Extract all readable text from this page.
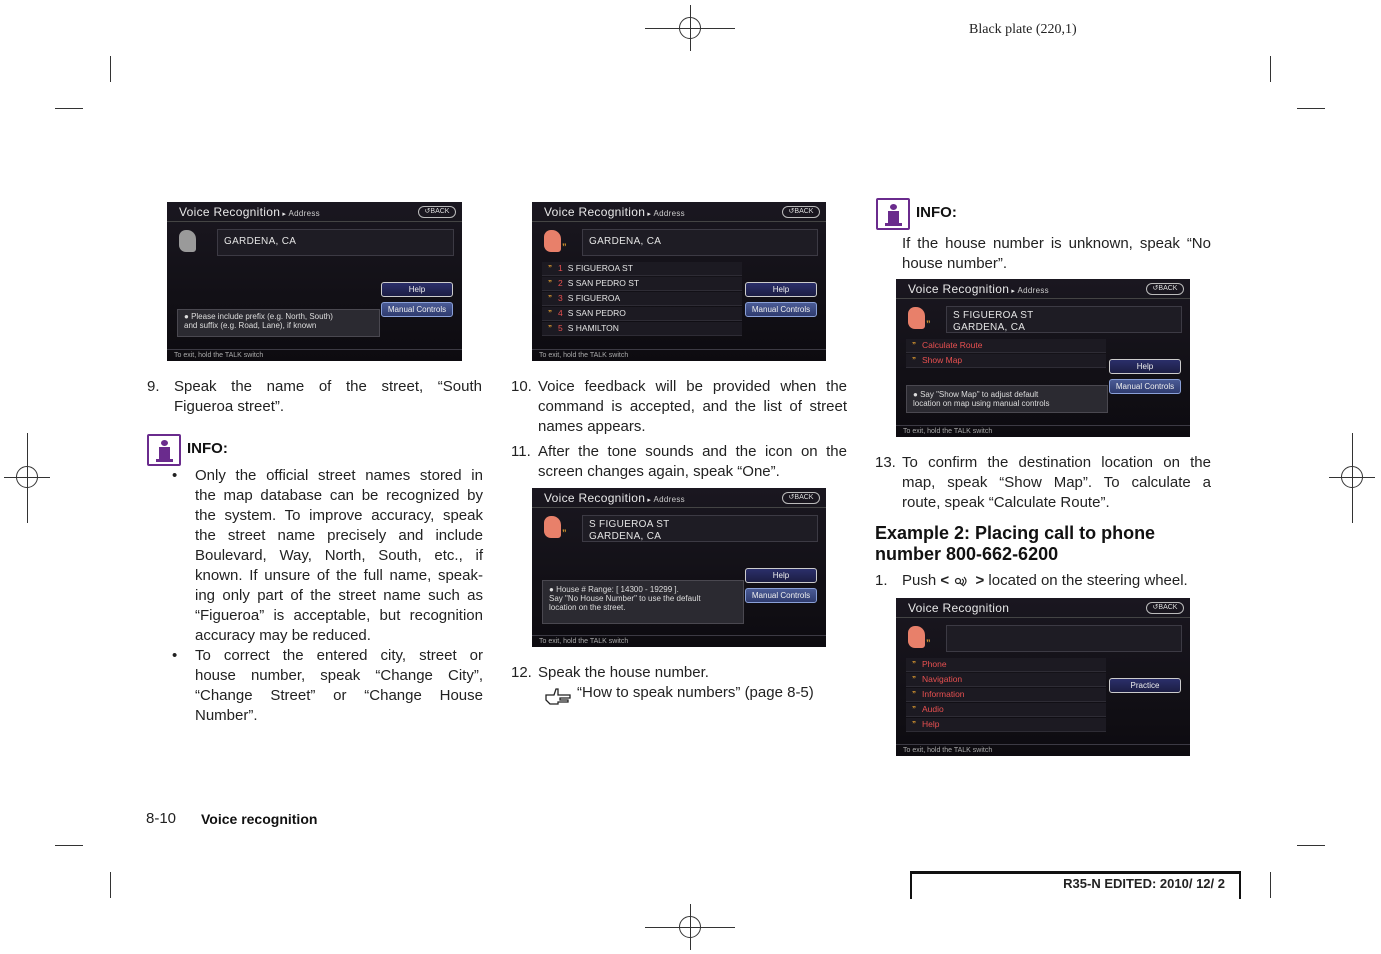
Black plate (220,1)
Voice Recognition ▸ Address	↺BACK
GARDENA, CA
Help
Manual Controls
● Please include prefix (e.g. North, South)
and suffix (e.g. Road, Lane), if known
To exit, hold the TALK switch
Voice Recognition ▸ Address	↺BACK
”	GARDENA, CA
” 1 S FIGUEROA ST
” 2 S SAN PEDRO ST
” 3 S FIGUEROA
” 4 S SAN PEDRO
” 5 S HAMILTON
Help
Manual Controls
To exit, hold the TALK switch
Voice Recognition ▸ Address	↺BACK
”
S FIGUEROA ST
GARDENA, CA
Help
Manual Controls
● House # Range: [ 14300 - 19299 ].
Say "No House Number" to use the default
location on the street.
To exit, hold the TALK switch
Voice Recognition ▸ Address	↺BACK
”
S FIGUEROA ST
GARDENA, CA
” Calculate Route
” Show Map
Help
Manual Controls
● Say "Show Map" to adjust default
location on map using manual controls
To exit, hold the TALK switch
Voice Recognition	↺BACK
”
” Phone
” Navigation
” Information
” Audio
” Help
Practice
To exit, hold the TALK switch
9. Speak the name of the street, “South
Figueroa street”.
INFO:
• Only the official street names stored in
the map database can be recognized by
the system. To improve accuracy, speak
the street name precisely and include
Boulevard, Way, North, South, etc., if
known. If unsure of the full name, speak-
ing only part of the street name such as
“Figueroa” is acceptable, but recognition
accuracy may be reduced.
• To correct the entered city, street or
house number, speak “Change City”,
“Change Street” or “Change House
Number”.
10. Voice feedback will be provided when the
command is accepted, and the list of street
names appears.
11. After the tone sounds and the icon on the
screen changes again, speak “One”.
12. Speak the house number.
“How to speak numbers” (page 8-5)
INFO:
If the house number is unknown, speak “No
house number”.
13. To confirm the destination location on the
map, speak “Show Map”. To calculate a
route, speak “Calculate Route”.
Example 2: Placing call to phone
number 800-662-6200
1. Push < > located on the steering wheel.
8-10 Voice recognition
R35-N EDITED: 2010/ 12/ 2
